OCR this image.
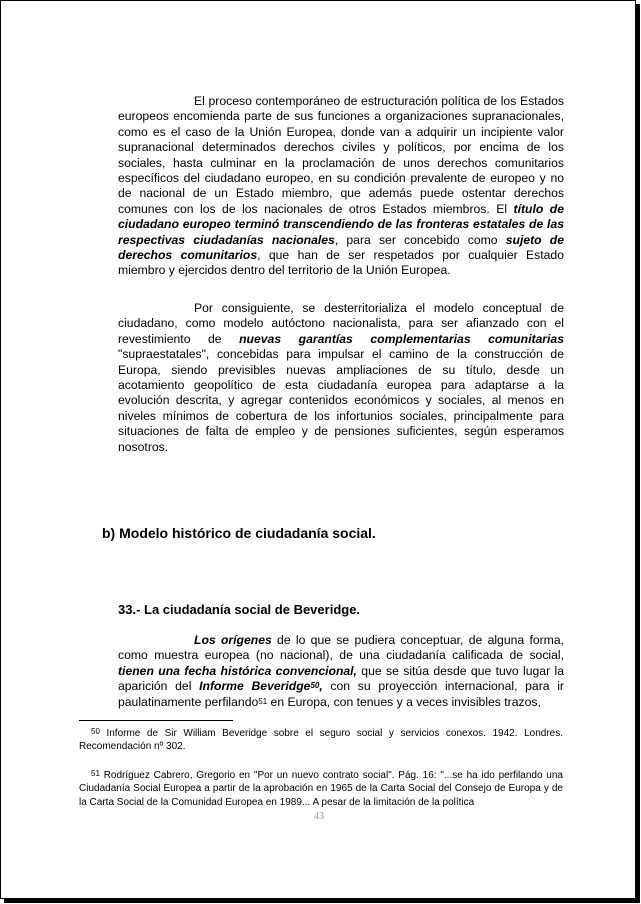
El proceso contemporáneo de estructuración política de los Estados europeos encomienda parte de sus funciones a organizaciones supranacionales, como es el caso de la Unión Europea, donde van a adquirir un incipiente valor supranacional determinados derechos civiles y políticos, por encima de los sociales, hasta culminar en la proclamación de unos derechos comunitarios específicos del ciudadano europeo, en su condición prevalente de europeo y no de nacional de un Estado miembro, que además puede ostentar derechos comunes con los de los nacionales de otros Estados miembros. El título de ciudadano europeo terminó transcendiendo de las fronteras estatales de las respectivas ciudadanías nacionales, para ser concebido como sujeto de derechos comunitarios, que han de ser respetados por cualquier Estado miembro y ejercidos dentro del territorio de la Unión Europea.

Por consiguiente, se desterritorializa el modelo conceptual de ciudadano, como modelo autóctono nacionalista, para ser afianzado con el revestimiento de nuevas garantías complementarias comunitarias "supraestatales", concebidas para impulsar el camino de la construcción de Europa, siendo previsibles nuevas ampliaciones de su título, desde un acotamiento geopolítico de esta ciudadanía europea para adaptarse a la evolución descrita, y agregar contenidos económicos y sociales, al menos en niveles mínimos de cobertura de los infortunios sociales, principalmente para situaciones de falta de empleo y de pensiones suficientes, según esperamos nosotros.

b) Modelo histórico de ciudadanía social.
33.- La ciudadanía social de Beveridge.

Los orígenes de lo que se pudiera conceptuar, de alguna forma, como muestra europea (no nacional), de una ciudadanía calificada de social, tienen una fecha histórica convencional, que se sitúa desde que tuvo lugar la aparición del Informe Beveridge$^{50}$, con su proyección internacional, para ir paulatinamente perfilando$^{51}$ en Europa, con tenues y a veces invisibles trazos,

$^{50}$ Informe de Sir William Beveridge sobre el seguro social y servicios conexos. 1942. Londres. Recomendación nº 302.

$^{51}$ Rodríguez Cabrero, Gregorio en "Por un nuevo contrato social". Pág. 16: "...se ha ido perfilando una Ciudadanía Social Europea a partir de la aprobación en 1965 de la Carta Social del Consejo de Europa y de la Carta Social de la Comunidad Europea en 1989... A pesar de la limitación de la política

43
